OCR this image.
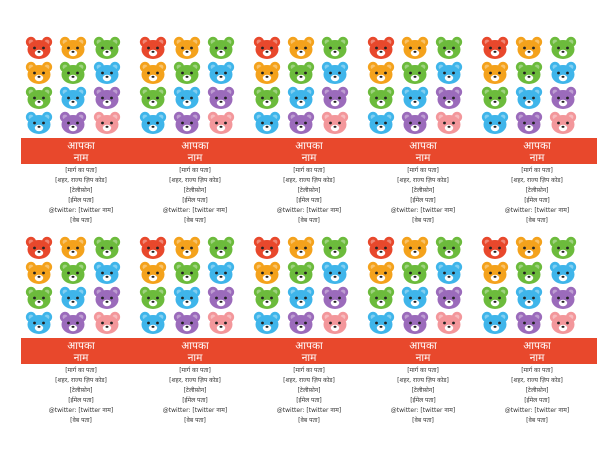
आपका
नाम
[मार्ग का पता]
[शहर, राज्य ज़िप कोड]
[टेलीफ़ोन]
[ईमेल पता]
@twitter: [twitter नाम]
[वेब पता]
आपका
नाम
[मार्ग का पता]
[शहर, राज्य ज़िप कोड]
[टेलीफ़ोन]
[ईमेल पता]
@twitter: [twitter नाम]
[वेब पता]
आपका
नाम
[मार्ग का पता]
[शहर, राज्य ज़िप कोड]
[टेलीफ़ोन]
[ईमेल पता]
@twitter: [twitter नाम]
[वेब पता]
आपका
नाम
[मार्ग का पता]
[शहर, राज्य ज़िप कोड]
[टेलीफ़ोन]
[ईमेल पता]
@twitter: [twitter नाम]
[वेब पता]
आपका
नाम
[मार्ग का पता]
[शहर, राज्य ज़िप कोड]
[टेलीफ़ोन]
[ईमेल पता]
@twitter: [twitter नाम]
[वेब पता]
आपका
नाम
[मार्ग का पता]
[शहर, राज्य ज़िप कोड]
[टेलीफ़ोन]
[ईमेल पता]
@twitter: [twitter नाम]
[वेब पता]
आपका
नाम
[मार्ग का पता]
[शहर, राज्य ज़िप कोड]
[टेलीफ़ोन]
[ईमेल पता]
@twitter: [twitter नाम]
[वेब पता]
आपका
नाम
[मार्ग का पता]
[शहर, राज्य ज़िप कोड]
[टेलीफ़ोन]
[ईमेल पता]
@twitter: [twitter नाम]
[वेब पता]
आपका
नाम
[मार्ग का पता]
[शहर, राज्य ज़िप कोड]
[टेलीफ़ोन]
[ईमेल पता]
@twitter: [twitter नाम]
[वेब पता]
आपका
नाम
[मार्ग का पता]
[शहर, राज्य ज़िप कोड]
[टेलीफ़ोन]
[ईमेल पता]
@twitter: [twitter नाम]
[वेब पता]
